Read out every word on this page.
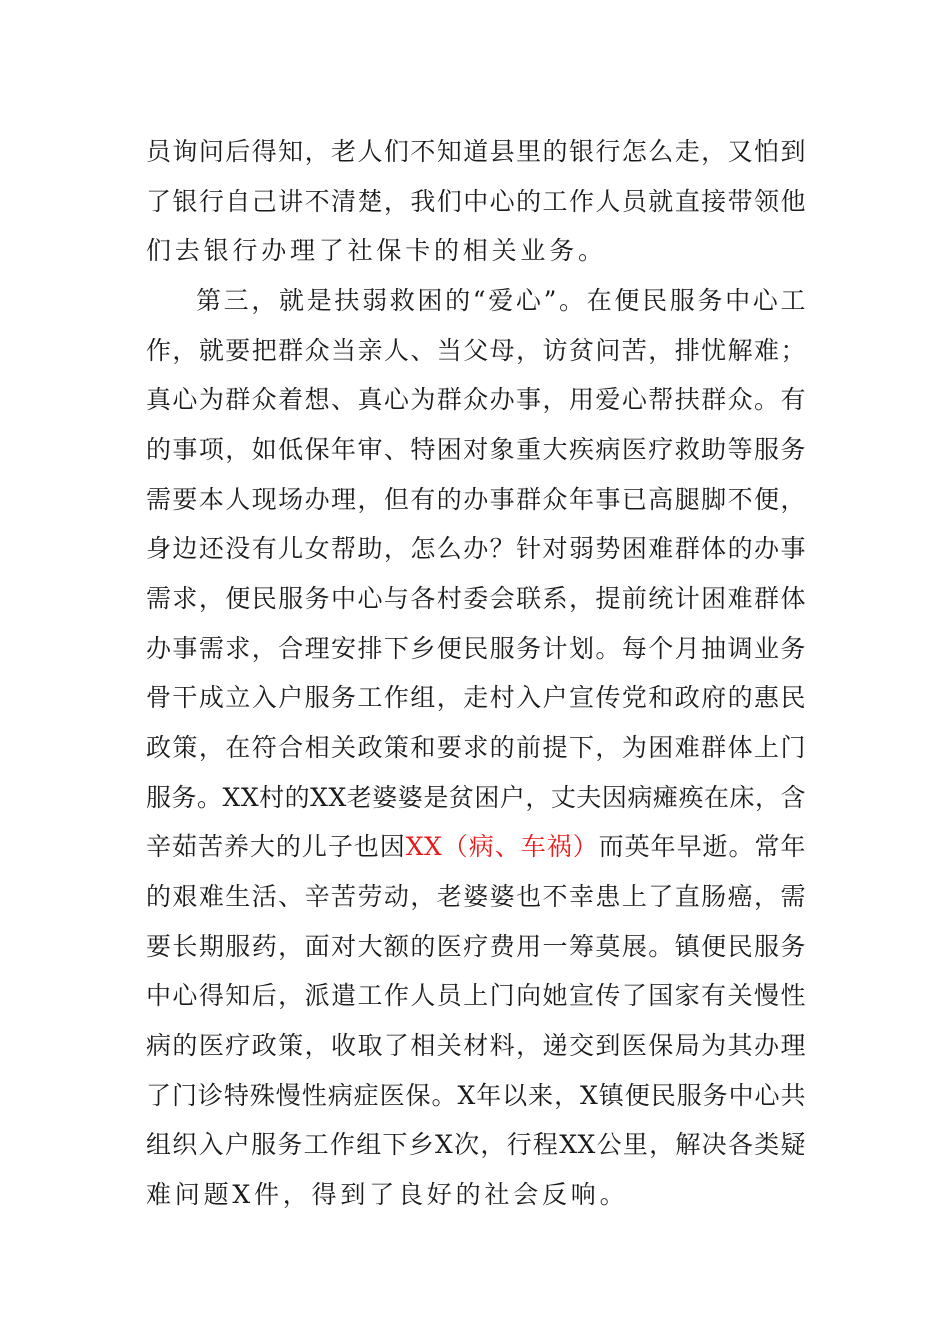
员询问后得知，老人们不知道县里的银行怎么走，又怕到
了银行自己讲不清楚，我们中心的工作人员就直接带领他
们去银行办理了社保卡的相关业务。
第三，就是扶弱救困的“爱心”。在便民服务中心工
作，就要把群众当亲人、当父母，访贫问苦，排忧解难；
真心为群众着想、真心为群众办事，用爱心帮扶群众。有
的事项，如低保年审、特困对象重大疾病医疗救助等服务
需要本人现场办理，但有的办事群众年事已高腿脚不便，
身边还没有儿女帮助，怎么办？针对弱势困难群体的办事
需求，便民服务中心与各村委会联系，提前统计困难群体
办事需求，合理安排下乡便民服务计划。每个月抽调业务
骨干成立入户服务工作组，走村入户宣传党和政府的惠民
政策，在符合相关政策和要求的前提下，为困难群体上门
服务。XX村的XX老婆婆是贫困户，丈夫因病瘫痪在床，含
辛茹苦养大的儿子也因XX（病、车祸）而英年早逝。常年
的艰难生活、辛苦劳动，老婆婆也不幸患上了直肠癌，需
要长期服药，面对大额的医疗费用一筹莫展。镇便民服务
中心得知后，派遣工作人员上门向她宣传了国家有关慢性
病的医疗政策，收取了相关材料，递交到医保局为其办理
了门诊特殊慢性病症医保。X年以来，X镇便民服务中心共
组织入户服务工作组下乡X次，行程XX公里，解决各类疑
难问题X件，得到了良好的社会反响。
